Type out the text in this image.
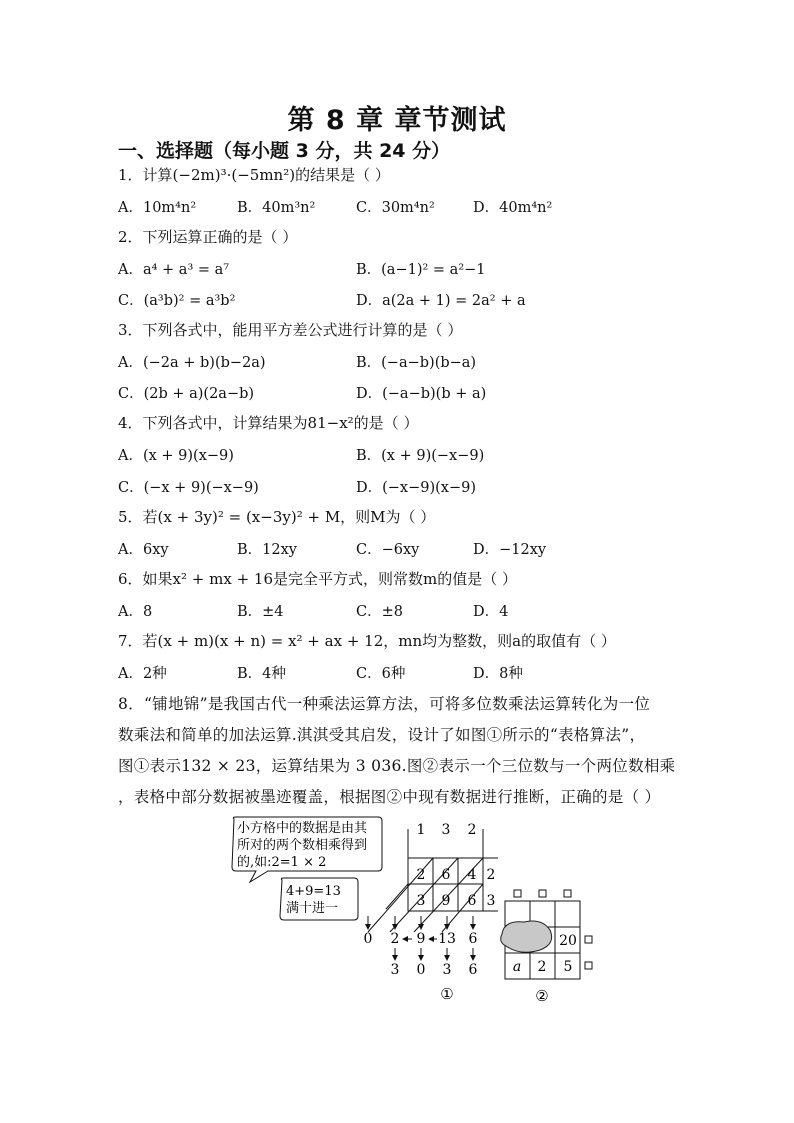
第 8 章 章节测试
一、选择题（每小题 3 分，共 24 分）
1．计算(−2m)³·(−5mn²)的结果是（ ）
A．10m⁴n²	B．40m³n²	C．30m⁴n²	D．40m⁴n²
2．下列运算正确的是（ ）
A．a⁴ + a³ = a⁷	B．(a−1)² = a²−1
C．(a³b)² = a³b²	D．a(2a + 1) = 2a² + a
3．下列各式中，能用平方差公式进行计算的是（ ）
A．(−2a + b)(b−2a)	B．(−a−b)(b−a)
C．(2b + a)(2a−b)	D．(−a−b)(b + a)
4．下列各式中，计算结果为81−x²的是（ ）
A．(x + 9)(x−9)	B．(x + 9)(−x−9)
C．(−x + 9)(−x−9)	D．(−x−9)(x−9)
5．若(x + 3y)² = (x−3y)² + M，则M为（ ）
A．6xy	B．12xy	C．−6xy	D．−12xy
6．如果x² + mx + 16是完全平方式，则常数m的值是（ ）
A．8	B．±4	C．±8	D．4
7．若(x + m)(x + n) = x² + ax + 12，mn均为整数，则a的取值有（ ）
A．2种	B．4种	C．6种	D．8种
8．“铺地锦”是我国古代一种乘法运算方法，可将多位数乘法运算转化为一位
数乘法和简单的加法运算.淇淇受其启发，设计了如图①所示的“表格算法”，
图①表示132 × 23，运算结果为 3 036.图②表示一个三位数与一个两位数相乘
，表格中部分数据被墨迹覆盖，根据图②中现有数据进行推断，正确的是（ ）
小方格中的数据是由其
所对的两个数相乘得到
的,如:2=1 × 2
4+9=13
满十进一
1 3 2
2
3
2 6 4
3 9 6
0 2 9 13 6
3 0 3 6
①
20
a 2 5
②
